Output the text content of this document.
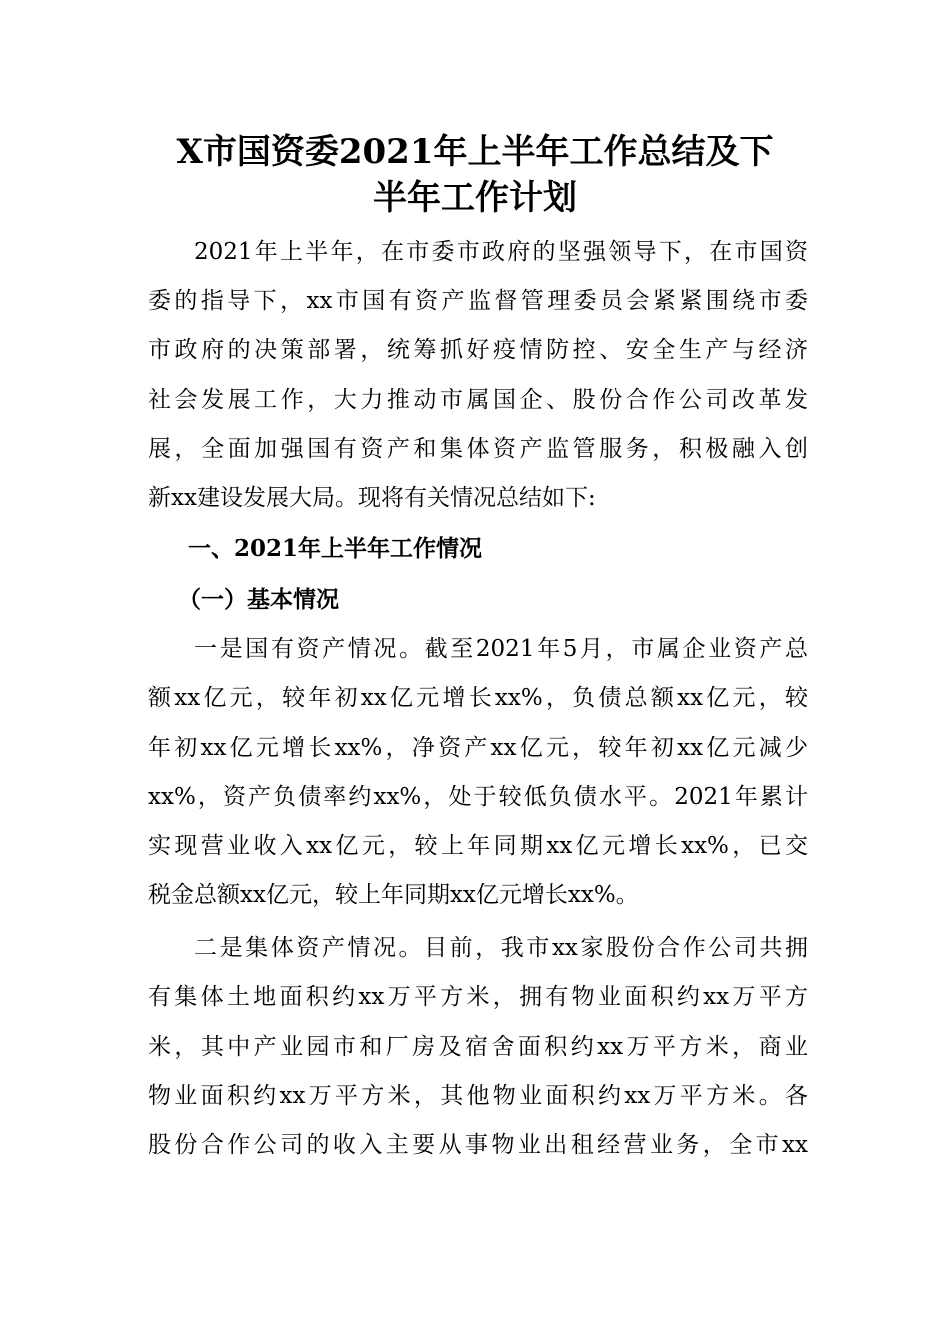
X市国资委2021年上半年工作总结及下
半年工作计划
2021年上半年，在市委市政府的坚强领导下，在市国资
委的指导下，xx市国有资产监督管理委员会紧紧围绕市委
市政府的决策部署，统筹抓好疫情防控、安全生产与经济
社会发展工作，大力推动市属国企、股份合作公司改革发
展，全面加强国有资产和集体资产监管服务，积极融入创
新xx建设发展大局。现将有关情况总结如下:
一、2021年上半年工作情况
（一）基本情况
一是国有资产情况。截至2021年5月，市属企业资产总
额xx亿元，较年初xx亿元增长xx%，负债总额xx亿元，较
年初xx亿元增长xx%，净资产xx亿元，较年初xx亿元减少
xx%，资产负债率约xx%，处于较低负债水平。2021年累计
实现营业收入xx亿元，较上年同期xx亿元增长xx%，已交
税金总额xx亿元，较上年同期xx亿元增长xx%。
二是集体资产情况。目前，我市xx家股份合作公司共拥
有集体土地面积约xx万平方米，拥有物业面积约xx万平方
米，其中产业园市和厂房及宿舍面积约xx万平方米，商业
物业面积约xx万平方米，其他物业面积约xx万平方米。各
股份合作公司的收入主要从事物业出租经营业务，全市xx
